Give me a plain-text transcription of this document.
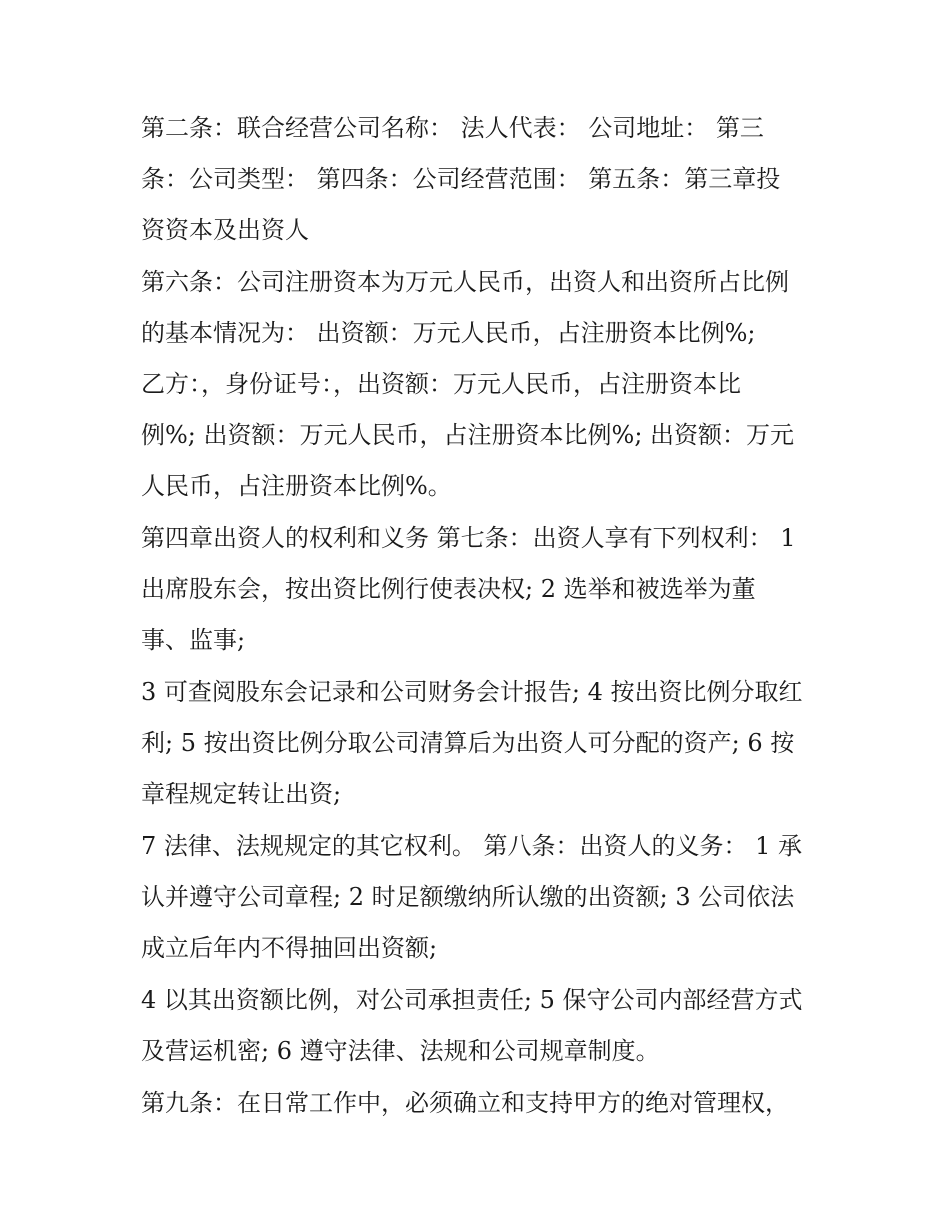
第二条：联合经营公司名称： 法人代表： 公司地址： 第三
条：公司类型： 第四条：公司经营范围： 第五条：第三章投
资资本及出资人
第六条：公司注册资本为万元人民币，出资人和出资所占比例
的基本情况为： 出资额：万元人民币，占注册资本比例%;
乙方：，身份证号：，出资额：万元人民币，占注册资本比
例%; 出资额：万元人民币，占注册资本比例%; 出资额：万元
人民币，占注册资本比例%。
第四章出资人的权利和义务 第七条：出资人享有下列权利： 1
出席股东会，按出资比例行使表决权; 2 选举和被选举为董
事、监事;
3 可查阅股东会记录和公司财务会计报告; 4 按出资比例分取红
利; 5 按出资比例分取公司清算后为出资人可分配的资产; 6 按
章程规定转让出资;
7 法律、法规规定的其它权利。 第八条：出资人的义务： 1 承
认并遵守公司章程; 2 时足额缴纳所认缴的出资额; 3 公司依法
成立后年内不得抽回出资额;
4 以其出资额比例，对公司承担责任; 5 保守公司内部经营方式
及营运机密; 6 遵守法律、法规和公司规章制度。
第九条：在日常工作中，必须确立和支持甲方的绝对管理权，
